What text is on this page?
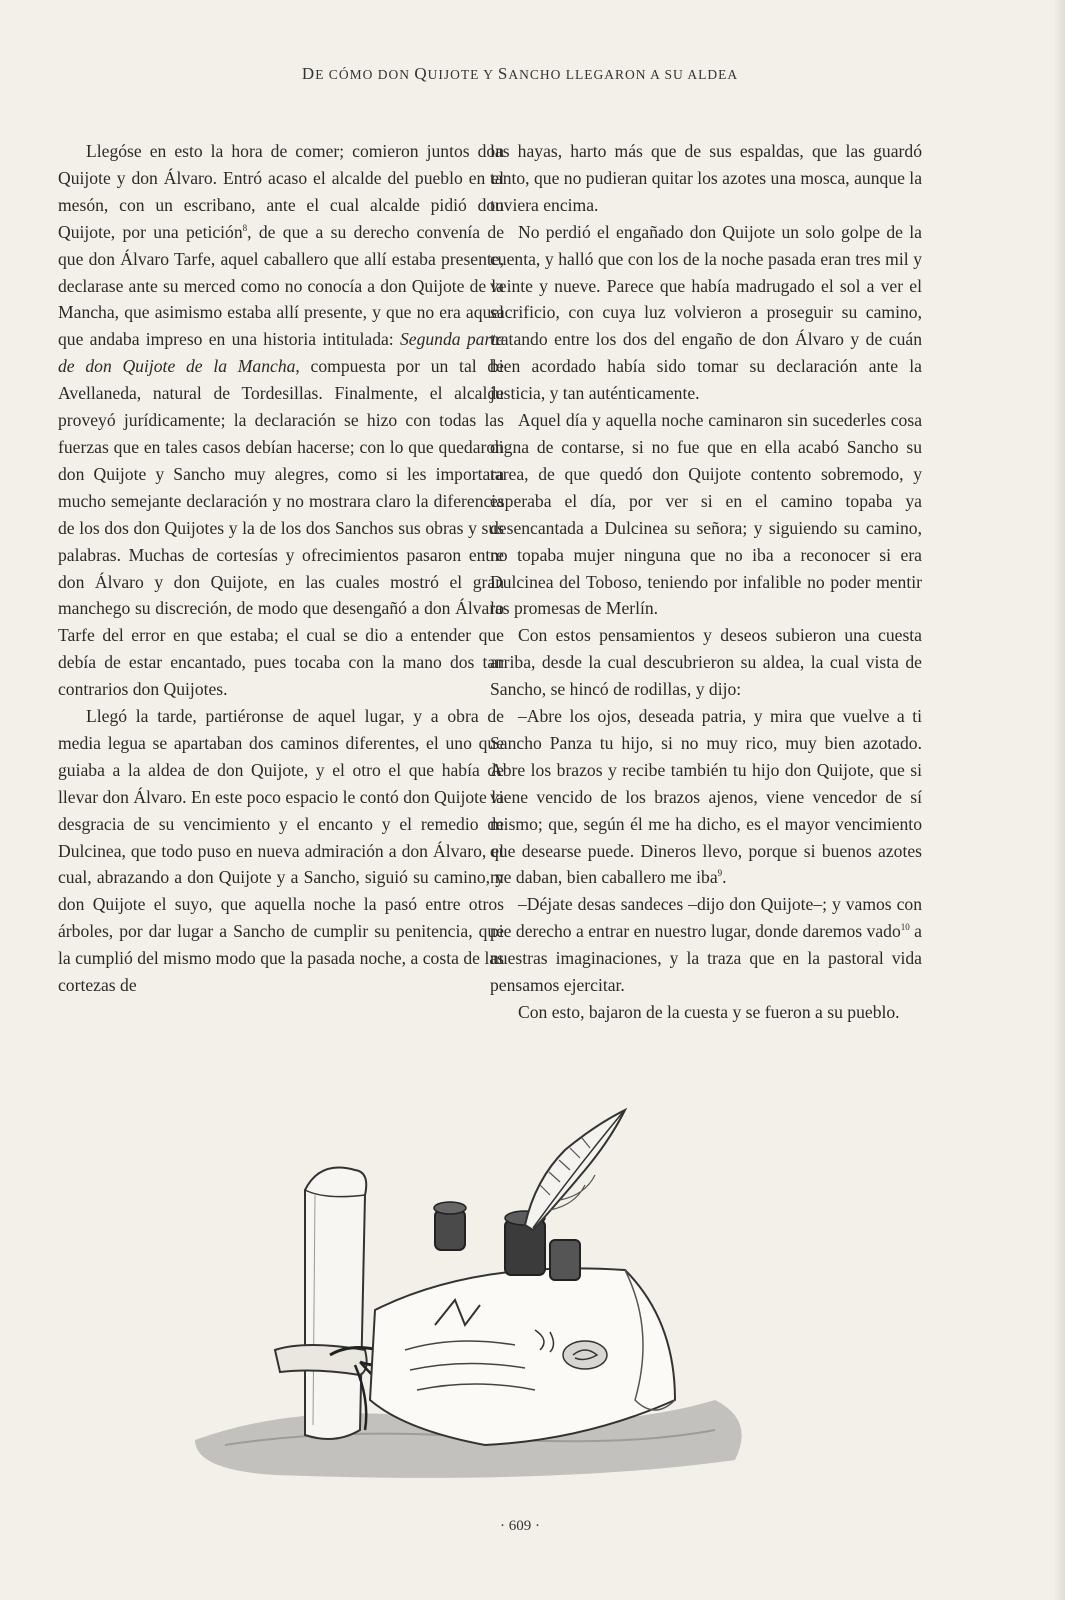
DE CÓMO DON QUIJOTE Y SANCHO LLEGARON A SU ALDEA

Llegóse en esto la hora de comer; comieron juntos don Quijote y don Álvaro. Entró acaso el alcalde del pueblo en el mesón, con un escribano, ante el cual alcalde pidió don Quijote, por una petición$^8$, de que a su derecho convenía de que don Álvaro Tarfe, aquel caballero que allí estaba presente, declarase ante su merced como no conocía a don Quijote de la Mancha, que asimismo estaba allí presente, y que no era aquel que andaba impreso en una historia intitulada: Segunda parte de don Quijote de la Mancha, compuesta por un tal de Avellaneda, natural de Tordesillas. Finalmente, el alcalde proveyó jurídicamente; la declaración se hizo con todas las fuerzas que en tales casos debían hacerse; con lo que quedaron don Quijote y Sancho muy alegres, como si les importara mucho semejante declaración y no mostrara claro la diferencia de los dos don Quijotes y la de los dos Sanchos sus obras y sus palabras. Muchas de cortesías y ofrecimientos pasaron entre don Álvaro y don Quijote, en las cuales mostró el gran manchego su discreción, de modo que desengañó a don Álvaro Tarfe del error en que estaba; el cual se dio a entender que debía de estar encantado, pues tocaba con la mano dos tan contrarios don Quijotes.

Llegó la tarde, partiéronse de aquel lugar, y a obra de media legua se apartaban dos caminos diferentes, el uno que guiaba a la aldea de don Quijote, y el otro el que había de llevar don Álvaro. En este poco espacio le contó don Quijote la desgracia de su vencimiento y el encanto y el remedio de Dulcinea, que todo puso en nueva admiración a don Álvaro, el cual, abrazando a don Quijote y a Sancho, siguió su camino, y don Quijote el suyo, que aquella noche la pasó entre otros árboles, por dar lugar a Sancho de cumplir su penitencia, que la cumplió del mismo modo que la pasada noche, a costa de las cortezas de

las hayas, harto más que de sus espaldas, que las guardó tanto, que no pudieran quitar los azotes una mosca, aunque la tuviera encima.

No perdió el engañado don Quijote un solo golpe de la cuenta, y halló que con los de la noche pasada eran tres mil y veinte y nueve. Parece que había madrugado el sol a ver el sacrificio, con cuya luz volvieron a proseguir su camino, tratando entre los dos del engaño de don Álvaro y de cuán bien acordado había sido tomar su declaración ante la justicia, y tan auténticamente.

Aquel día y aquella noche caminaron sin sucederles cosa digna de contarse, si no fue que en ella acabó Sancho su tarea, de que quedó don Quijote contento sobremodo, y esperaba el día, por ver si en el camino topaba ya desencantada a Dulcinea su señora; y siguiendo su camino, no topaba mujer ninguna que no iba a reconocer si era Dulcinea del Toboso, teniendo por infalible no poder mentir las promesas de Merlín.

Con estos pensamientos y deseos subieron una cuesta arriba, desde la cual descubrieron su aldea, la cual vista de Sancho, se hincó de rodillas, y dijo:

–Abre los ojos, deseada patria, y mira que vuelve a ti Sancho Panza tu hijo, si no muy rico, muy bien azotado. Abre los brazos y recibe también tu hijo don Quijote, que si viene vencido de los brazos ajenos, viene vencedor de sí mismo; que, según él me ha dicho, es el mayor vencimiento que desearse puede. Dineros llevo, porque si buenos azotes me daban, bien caballero me iba$^9$.

–Déjate desas sandeces –dijo don Quijote–; y vamos con pie derecho a entrar en nuestro lugar, donde daremos vado$^{10}$ a nuestras imaginaciones, y la traza que en la pastoral vida pensamos ejercitar.

Con esto, bajaron de la cuesta y se fueron a su pueblo.

· 609 ·
